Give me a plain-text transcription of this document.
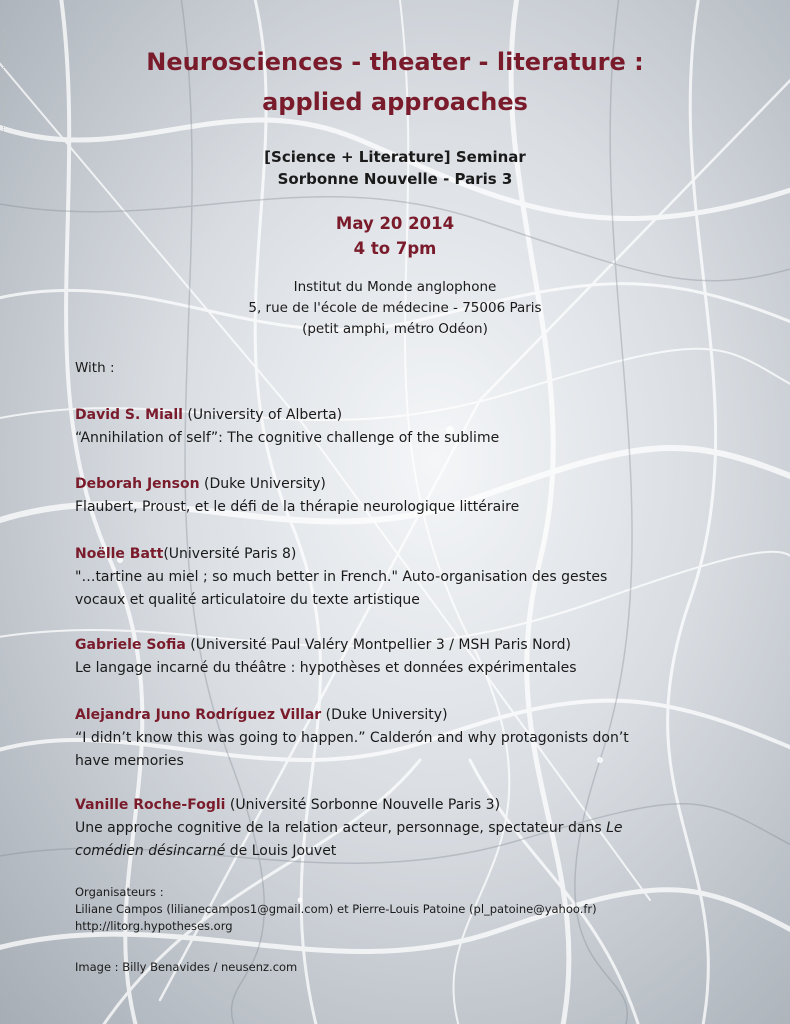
Neurosciences - theater - literature :
applied approaches
[Science + Literature] Seminar
Sorbonne Nouvelle - Paris 3
May 20 2014
4 to 7pm
Institut du Monde anglophone
5, rue de l'école de médecine - 75006 Paris
(petit amphi, métro Odéon)
With :
David S. Miall (University of Alberta)
“Annihilation of self”: The cognitive challenge of the sublime
Deborah Jenson (Duke University)
Flaubert, Proust, et le défi de la thérapie neurologique littéraire
Noëlle Batt(Université Paris 8)
"…tartine au miel ; so much better in French." Auto-organisation des gestes
vocaux et qualité articulatoire du texte artistique
Gabriele Sofia (Université Paul Valéry Montpellier 3 / MSH Paris Nord)
Le langage incarné du théâtre : hypothèses et données expérimentales
Alejandra Juno Rodríguez Villar (Duke University)
“I didn’t know this was going to happen.” Calderón and why protagonists don’t
have memories
Vanille Roche-Fogli (Université Sorbonne Nouvelle Paris 3)
Une approche cognitive de la relation acteur, personnage, spectateur dans Le
comédien désincarné de Louis Jouvet
Organisateurs :
Liliane Campos (lilianecampos1@gmail.com) et Pierre-Louis Patoine (pl_patoine@yahoo.fr)
http://litorg.hypotheses.org
Image : Billy Benavides / neusenz.com
